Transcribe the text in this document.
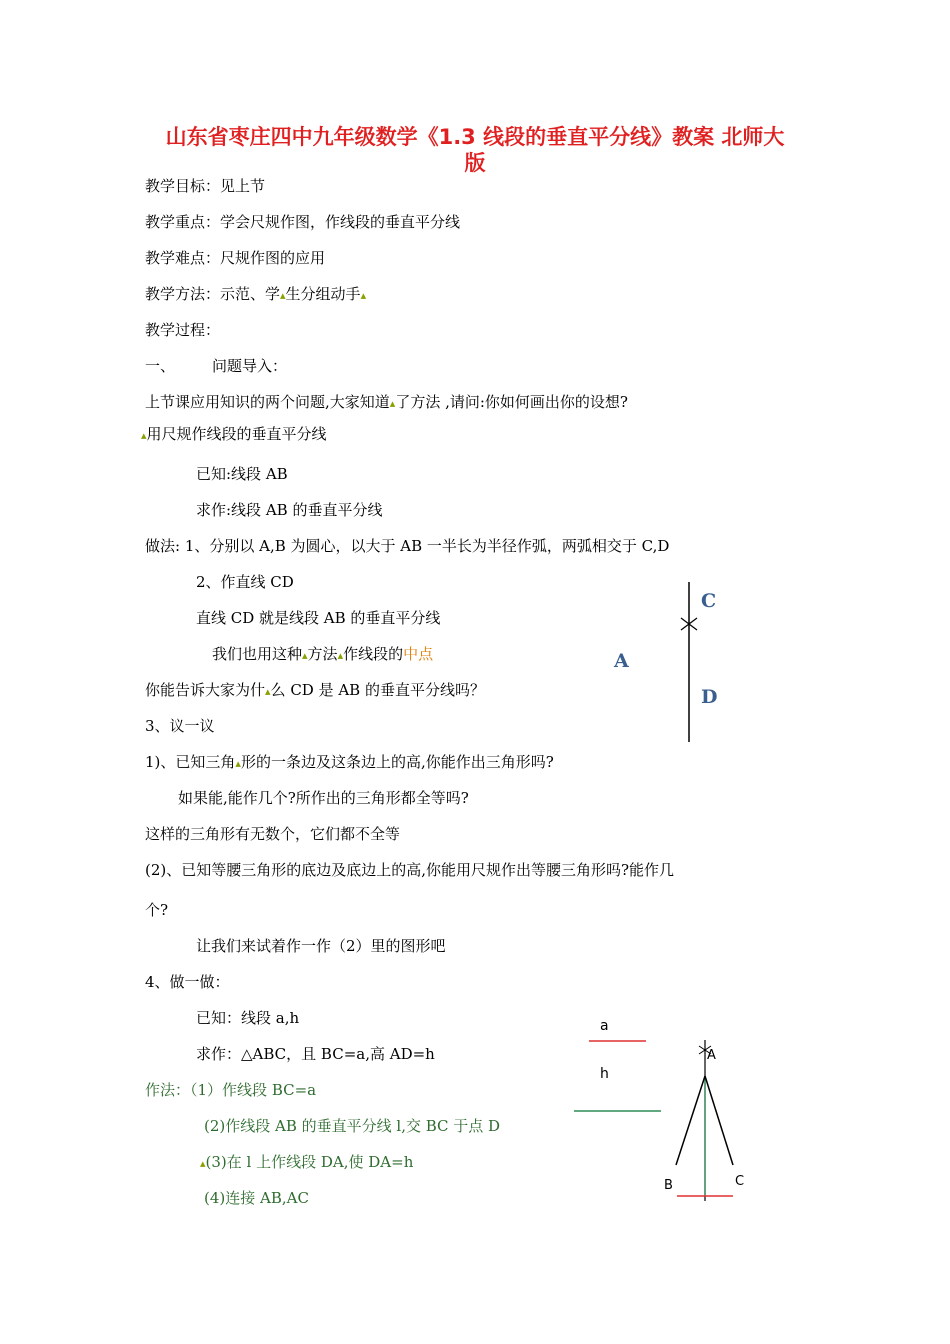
山东省枣庄四中九年级数学《1.3 线段的垂直平分线》教案 北师大
版
教学目标：见上节
教学重点：学会尺规作图，作线段的垂直平分线
教学难点：尺规作图的应用
教学方法：示范、学▴生分组动手▴
教学过程：
一、 问题导入：
上节课应用知识的两个问题,大家知道▴了方法 ,请问:你如何画出你的设想?
▴用尺规作线段的垂直平分线
已知:线段 AB
求作:线段 AB 的垂直平分线
做法: 1、分别以 A,B 为圆心，以大于 AB 一半长为半径作弧，两弧相交于 C,D
2、作直线 CD
直线 CD 就是线段 AB 的垂直平分线
我们也用这种▴方法▴作线段的中点
你能告诉大家为什▴么 CD 是 AB 的垂直平分线吗？
3、议一议
1)、已知三角▴形的一条边及这条边上的高,你能作出三角形吗?
如果能,能作几个?所作出的三角形都全等吗?
这样的三角形有无数个，它们都不全等
(2)、已知等腰三角形的底边及底边上的高,你能用尺规作出等腰三角形吗?能作几
个?
让我们来试着作一作（2）里的图形吧
4、做一做：
已知：线段 a,h
求作：△ABC，且 BC=a,高 AD=h
作法：（1）作线段 BC=a
(2)作线段 AB 的垂直平分线 l,交 BC 于点 D
▴(3)在 l 上作线段 DA,使 DA=h
(4)连接 AB,AC
C
A
D
a
h
A
B	C
